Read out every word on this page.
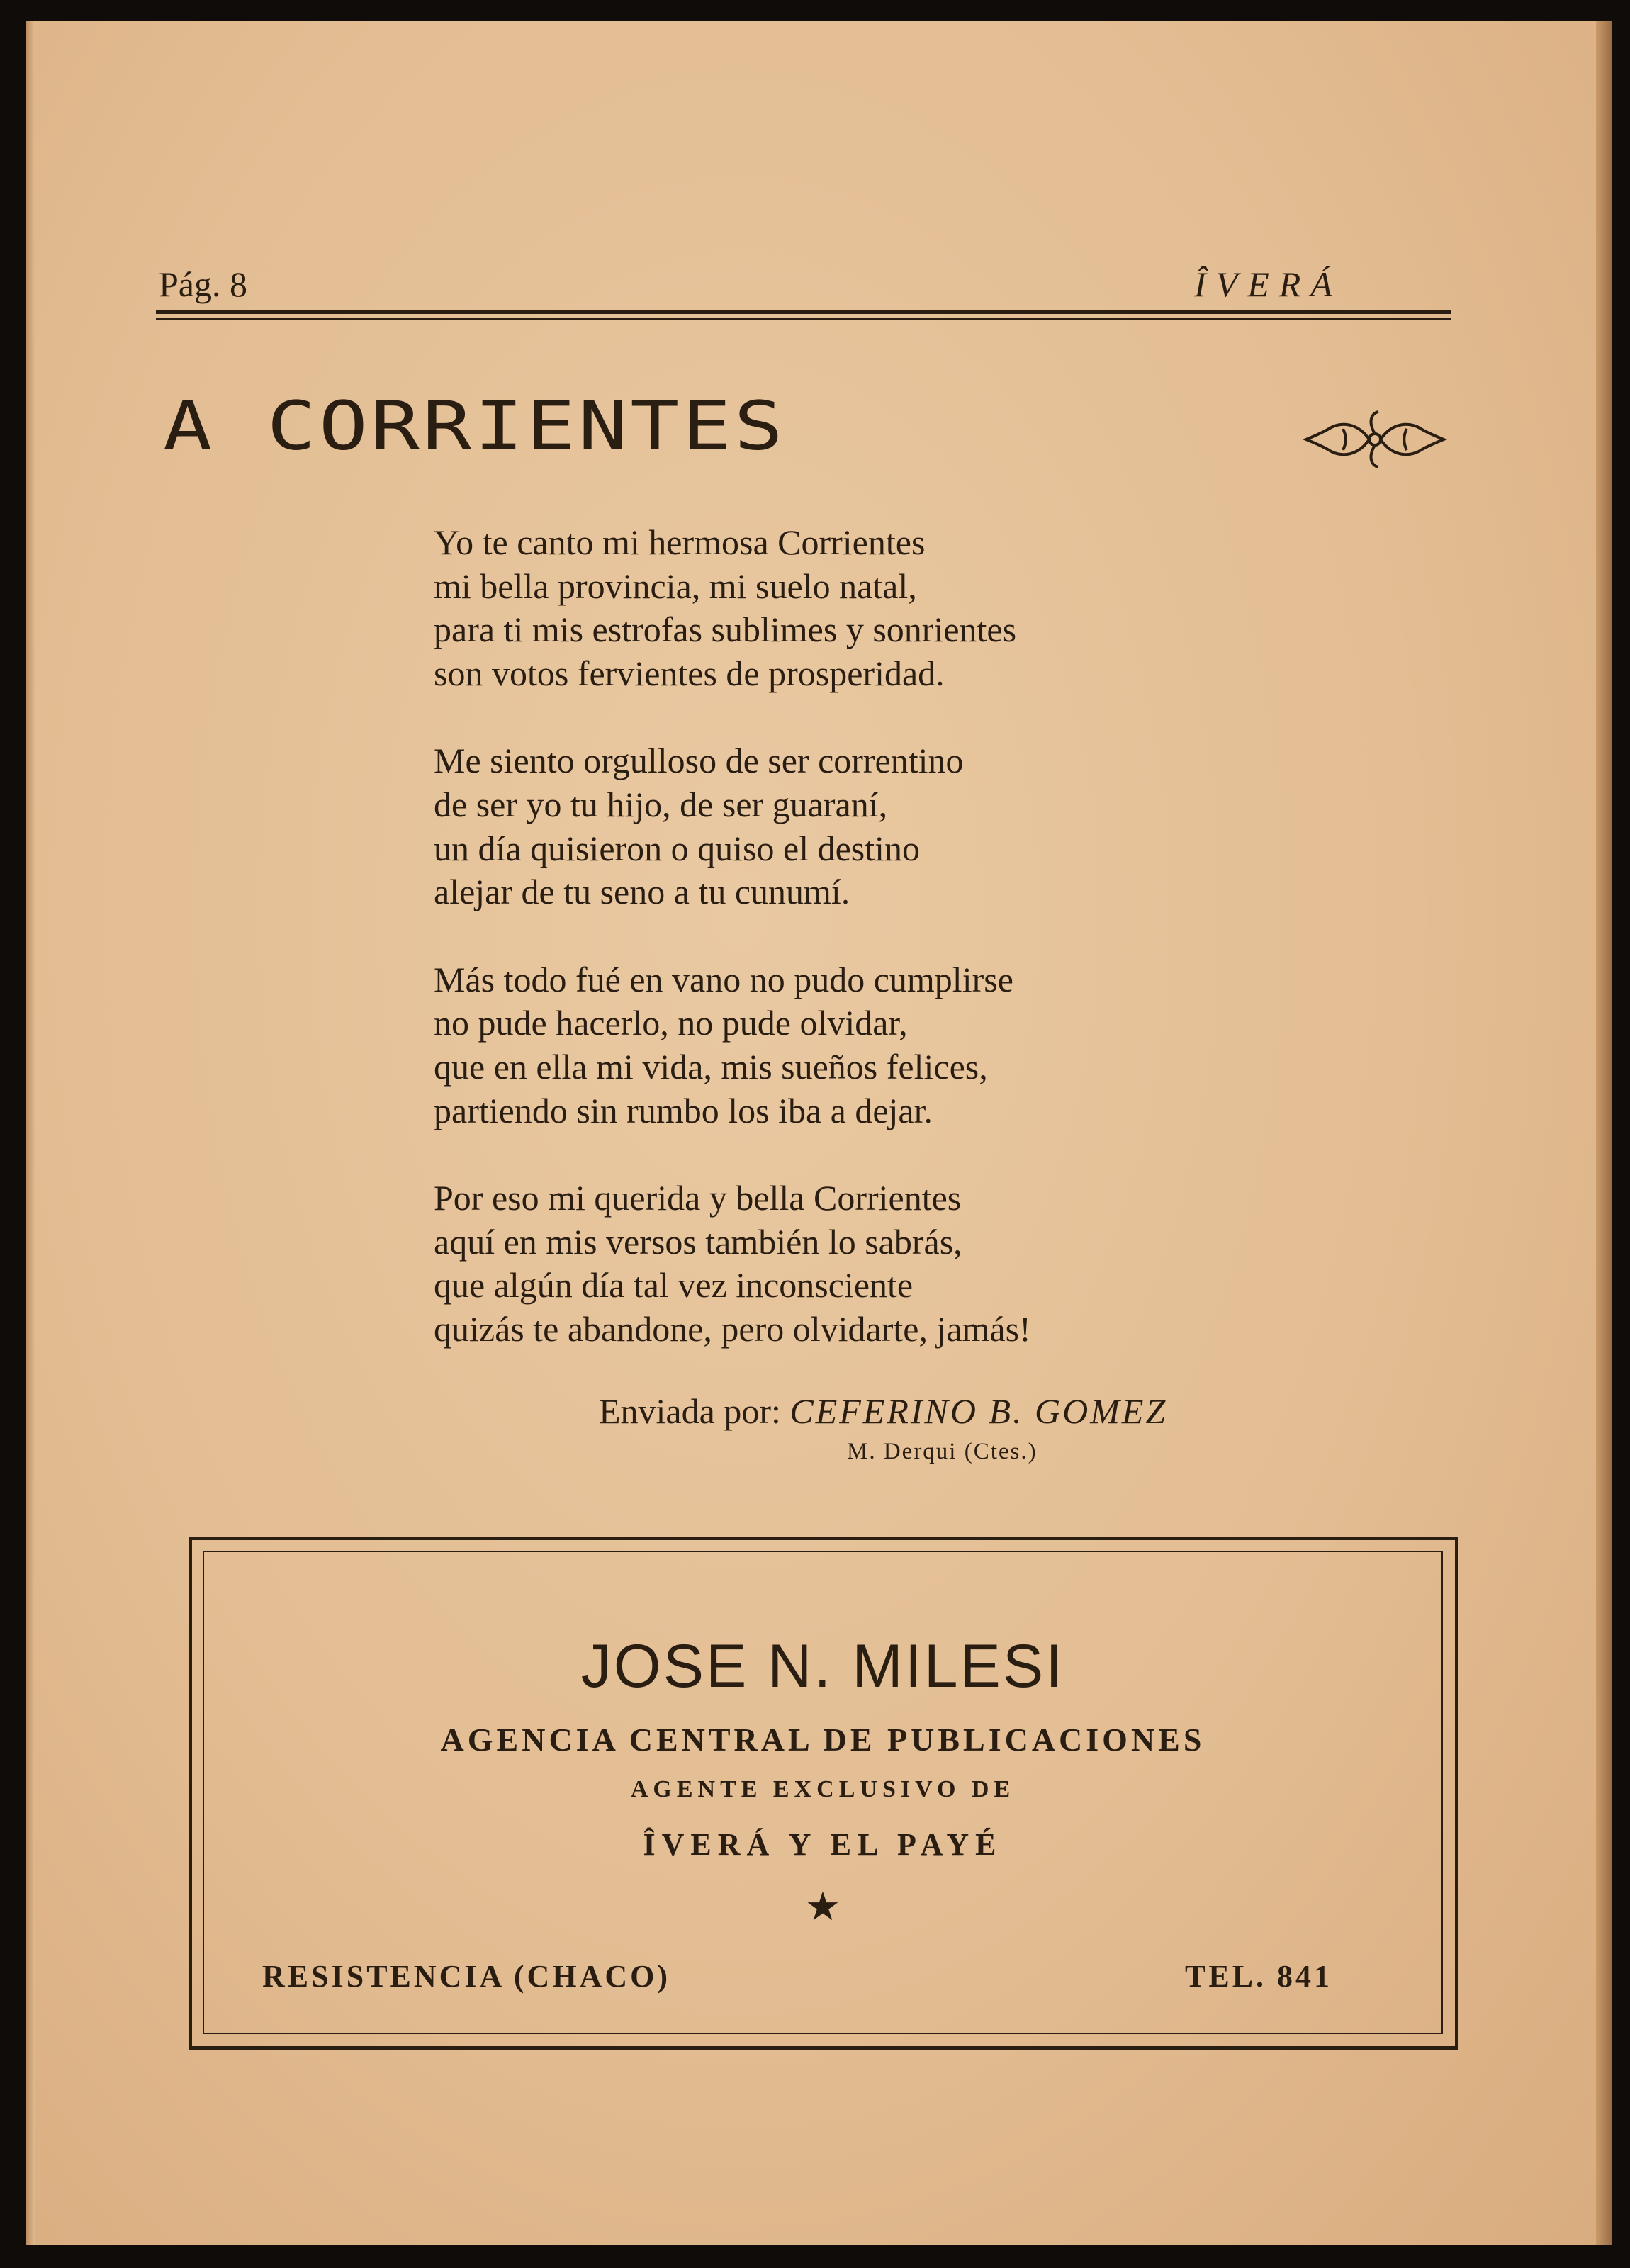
Pág. 8	ÎVERÁ
A CORRIENTES
Yo te canto mi hermosa Corrientes
mi bella provincia, mi suelo natal,
para ti mis estrofas sublimes y sonrientes
son votos fervientes de prosperidad.
Me siento orgulloso de ser correntino
de ser yo tu hijo, de ser guaraní,
un día quisieron o quiso el destino
alejar de tu seno a tu cunumí.
Más todo fué en vano no pudo cumplirse
no pude hacerlo, no pude olvidar,
que en ella mi vida, mis sueños felices,
partiendo sin rumbo los iba a dejar.
Por eso mi querida y bella Corrientes
aquí en mis versos también lo sabrás,
que algún día tal vez inconsciente
quizás te abandone, pero olvidarte, jamás!
Enviada por: CEFERINO B. GOMEZ
M. Derqui (Ctes.)
JOSE N. MILESI
AGENCIA CENTRAL DE PUBLICACIONES
AGENTE EXCLUSIVO DE
ÎVERÁ Y EL PAYÉ
★
RESISTENCIA (CHACO)	TEL. 841
